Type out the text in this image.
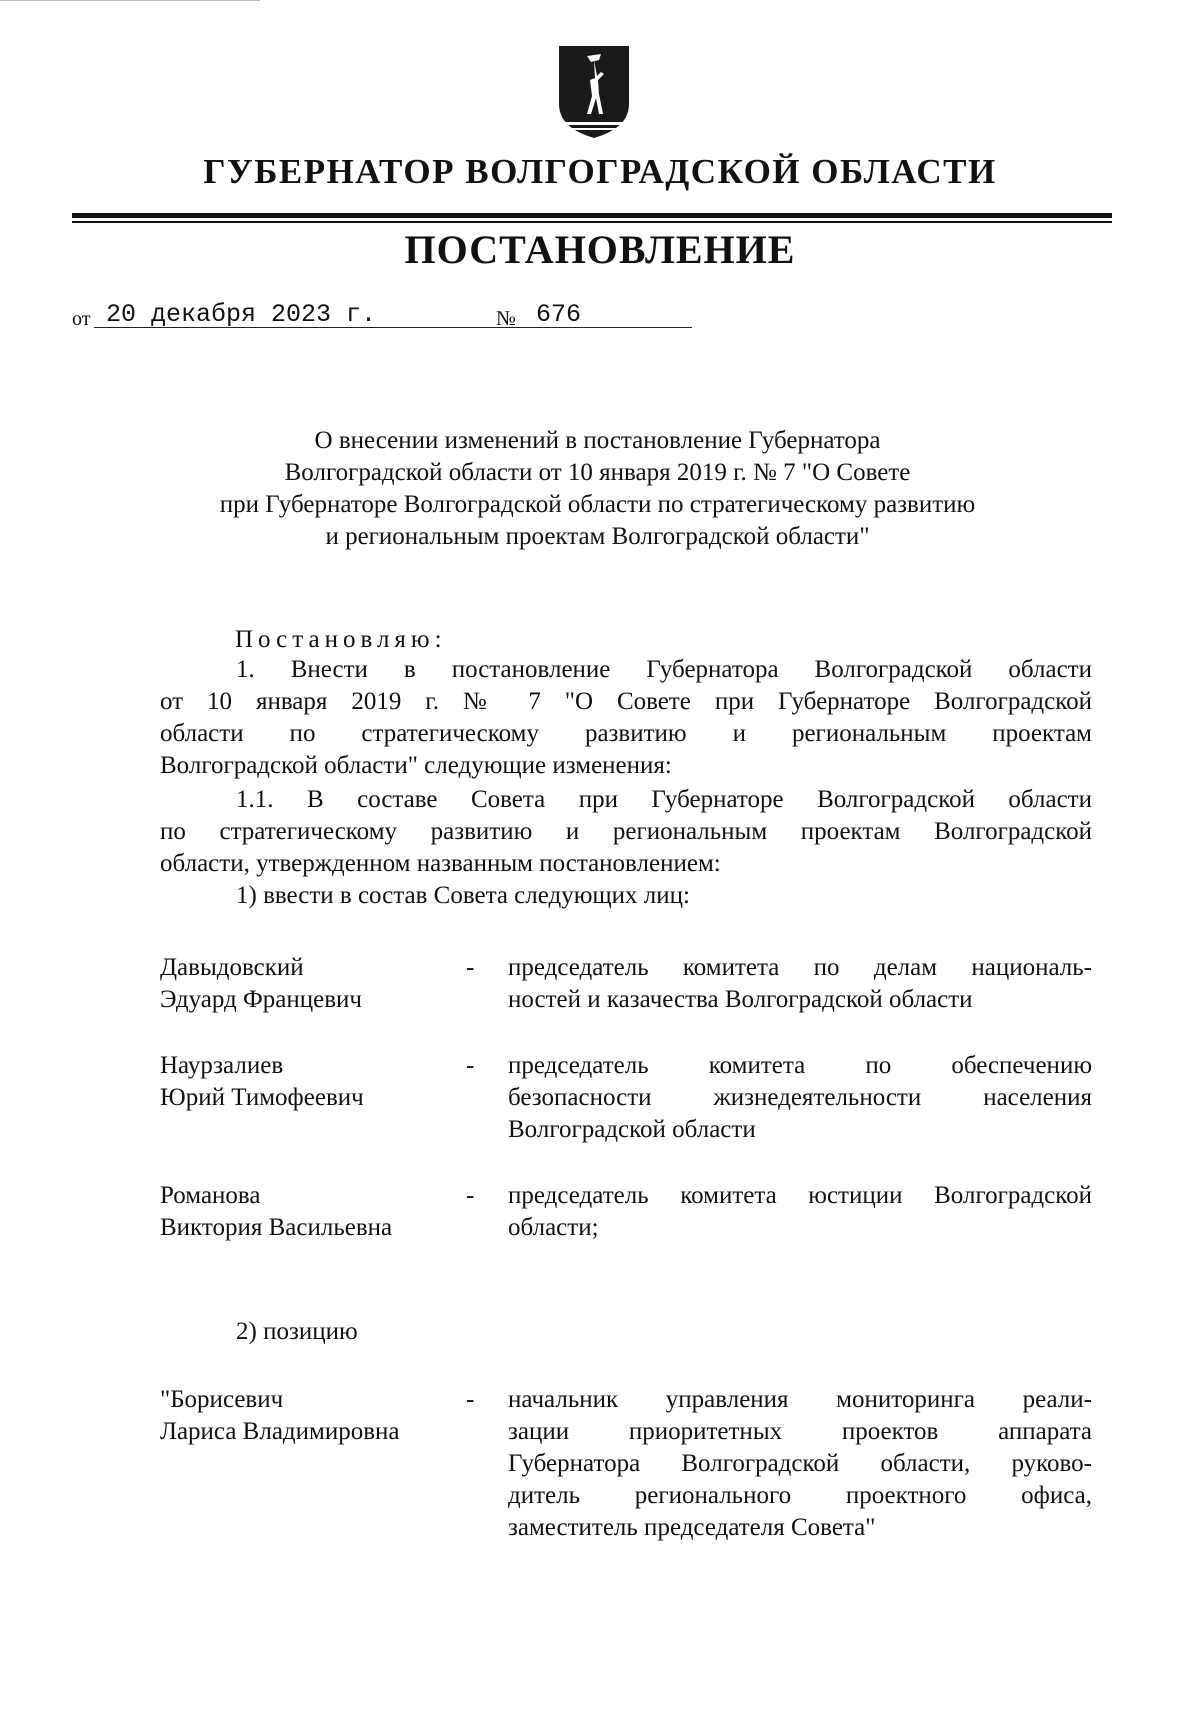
ГУБЕРНАТОР ВОЛГОГРАДСКОЙ ОБЛАСТИ
ПОСТАНОВЛЕНИЕ
от 20 декабря 2023 г.	№ 676
О внесении изменений в постановление Губернатора
Волгоградской области от 10 января 2019 г. № 7 "О Совете
при Губернаторе Волгоградской области по стратегическому развитию
и региональным проектам Волгоградской области"
Постановляю:
1. Внести в постановление Губернатора Волгоградской области
от 10 января 2019 г. № 7 "О Совете при Губернаторе Волгоградской
области по стратегическому развитию и региональным проектам
Волгоградской области" следующие изменения:
1.1. В составе Совета при Губернаторе Волгоградской области
по стратегическому развитию и региональным проектам Волгоградской
области, утвержденном названным постановлением:
1) ввести в состав Совета следующих лиц:
Давыдовский
Эдуард Францевич
- председатель комитета по делам националь-
ностей и казачества Волгоградской области
Наурзалиев
Юрий Тимофеевич
- председатель комитета по обеспечению
безопасности жизнедеятельности населения
Волгоградской области
Романова
Виктория Васильевна
- председатель комитета юстиции Волгоградской
области;
2) позицию
"Борисевич
Лариса Владимировна
- начальник управления мониторинга реали-
зации приоритетных проектов аппарата
Губернатора Волгоградской области, руково-
дитель регионального проектного офиса,
заместитель председателя Совета"
